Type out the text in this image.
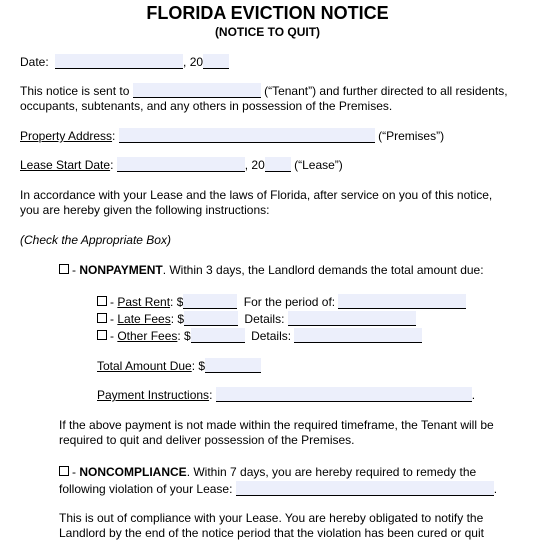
FLORIDA EVICTION NOTICE
(NOTICE TO QUIT)
Date:	, 20
This notice is sent to	(“Tenant”) and further directed to all residents,
occupants, subtenants, and any others in possession of the Premises.
Property Address:	(“Premises”)
Lease Start Date:	, 20 (“Lease”)
In accordance with your Lease and the laws of Florida, after service on you of this notice,
you are hereby given the following instructions:
(Check the Appropriate Box)
- NONPAYMENT. Within 3 days, the Landlord demands the total amount due:
- Past Rent: $	For the period of:
- Late Fees: $	Details:
- Other Fees: $	Details:
Total Amount Due: $
Payment Instructions:	.
If the above payment is not made within the required timeframe, the Tenant will be
required to quit and deliver possession of the Premises.
- NONCOMPLIANCE. Within 7 days, you are hereby required to remedy the
following violation of your Lease:	.
This is out of compliance with your Lease. You are hereby obligated to notify the
Landlord by the end of the notice period that the violation has been cured or quit
